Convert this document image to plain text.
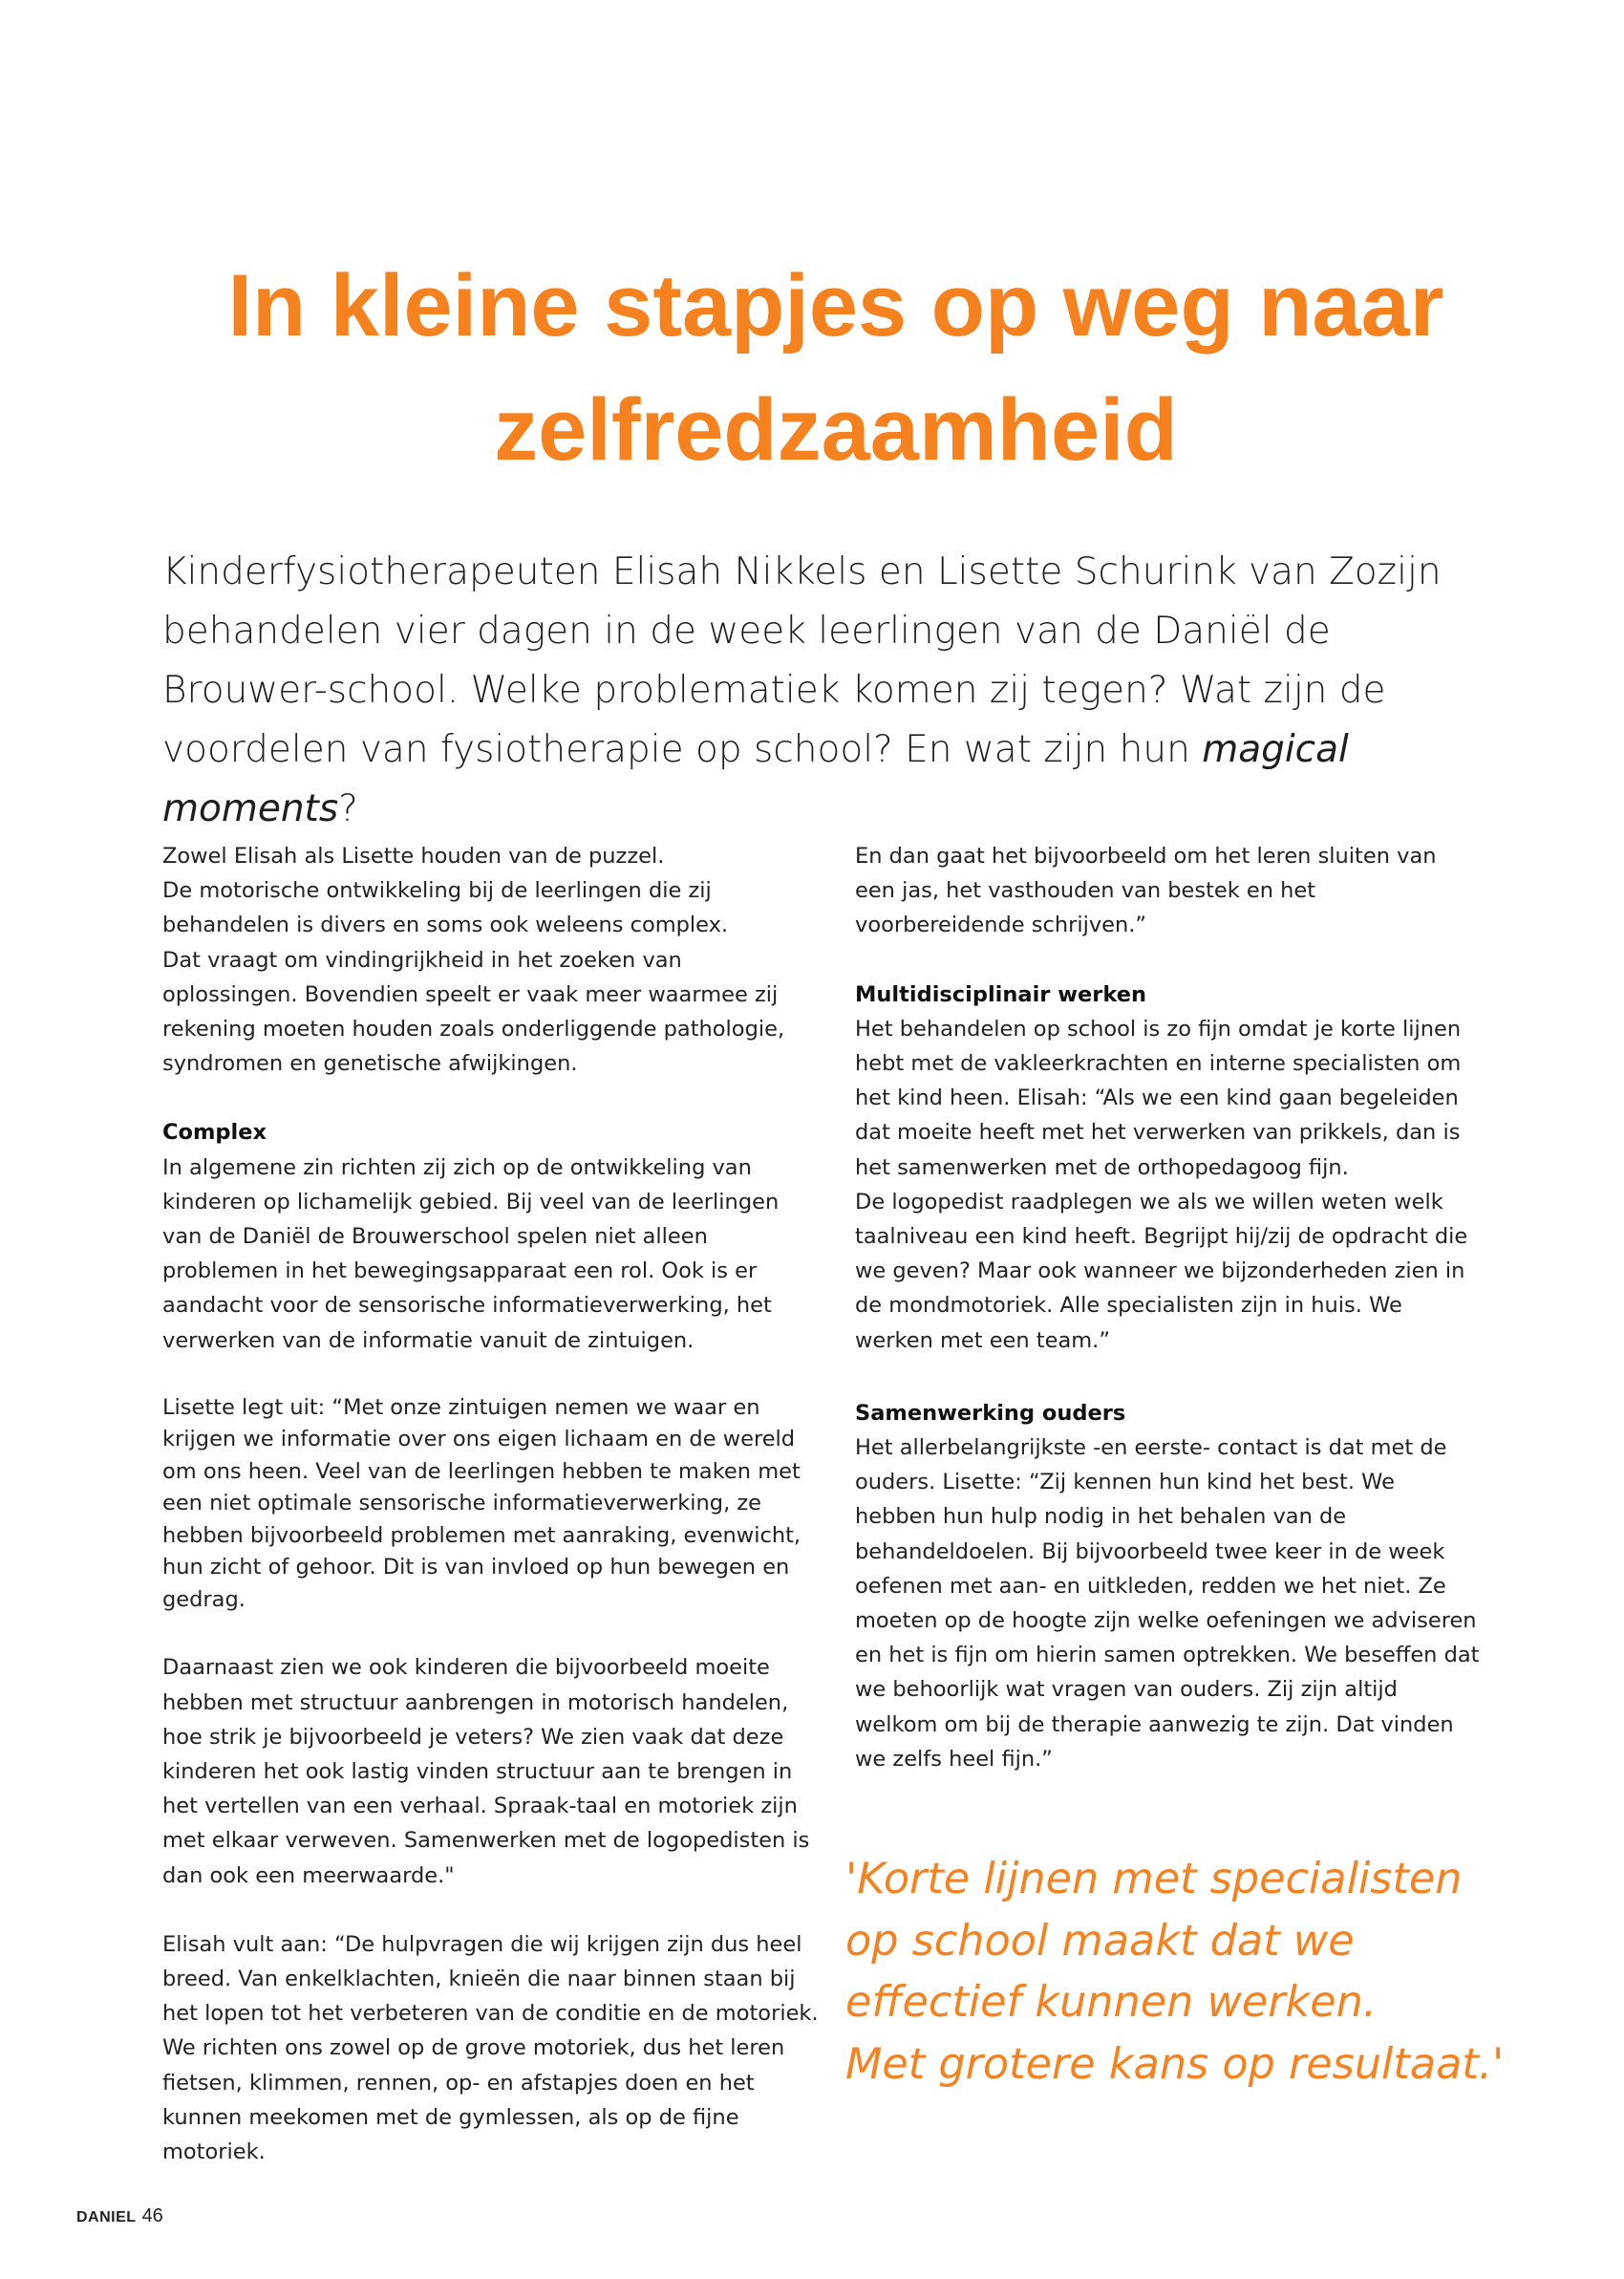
In kleine stapjes op weg naar
zelfredzaamheid

Kinderfysiotherapeuten Elisah Nikkels en Lisette Schurink van Zozijn behandelen vier dagen in de week leerlingen van de Daniël de Brouwer-school. Welke problematiek komen zij tegen? Wat zijn de voordelen van fysiotherapie op school? En wat zijn hun magical moments?

Zowel Elisah als Lisette houden van de puzzel.
De motorische ontwikkeling bij de leerlingen die zij behandelen is divers en soms ook weleens complex.
Dat vraagt om vindingrijkheid in het zoeken van oplossingen. Bovendien speelt er vaak meer waarmee zij rekening moeten houden zoals onderliggende pathologie, syndromen en genetische afwijkingen.

Complex

In algemene zin richten zij zich op de ontwikkeling van kinderen op lichamelijk gebied. Bij veel van de leerlingen van de Daniël de Brouwerschool spelen niet alleen problemen in het bewegingsapparaat een rol. Ook is er aandacht voor de sensorische informatieverwerking, het verwerken van de informatie vanuit de zintuigen.

Lisette legt uit: “Met onze zintuigen nemen we waar en krijgen we informatie over ons eigen lichaam en de wereld om ons heen. Veel van de leerlingen hebben te maken met een niet optimale sensorische informatieverwerking, ze hebben bijvoorbeeld problemen met aanraking, evenwicht, hun zicht of gehoor. Dit is van invloed op hun bewegen en gedrag.

Daarnaast zien we ook kinderen die bijvoorbeeld moeite hebben met structuur aanbrengen in motorisch handelen, hoe strik je bijvoorbeeld je veters? We zien vaak dat deze kinderen het ook lastig vinden structuur aan te brengen in het vertellen van een verhaal. Spraak-taal en motoriek zijn met elkaar verweven. Samenwerken met de logopedisten is dan ook een meerwaarde."

Elisah vult aan: “De hulpvragen die wij krijgen zijn dus heel breed. Van enkelklachten, knieën die naar binnen staan bij het lopen tot het verbeteren van de conditie en de motoriek. We richten ons zowel op de grove motoriek, dus het leren fietsen, klimmen, rennen, op- en afstapjes doen en het kunnen meekomen met de gymlessen, als op de fijne motoriek.

En dan gaat het bijvoorbeeld om het leren sluiten van een jas, het vasthouden van bestek en het voorbereidende schrijven.”

Multidisciplinair werken

Het behandelen op school is zo fijn omdat je korte lijnen hebt met de vakleerkrachten en interne specialisten om het kind heen. Elisah: “Als we een kind gaan begeleiden dat moeite heeft met het verwerken van prikkels, dan is het samenwerken met de orthopedagoog fijn.
De logopedist raadplegen we als we willen weten welk taalniveau een kind heeft. Begrijpt hij/zij de opdracht die we geven? Maar ook wanneer we bijzonderheden zien in de mondmotoriek. Alle specialisten zijn in huis. We werken met een team.”

Samenwerking ouders

Het allerbelangrijkste -en eerste- contact is dat met de ouders. Lisette: “Zij kennen hun kind het best. We hebben hun hulp nodig in het behalen van de behandeldoelen. Bij bijvoorbeeld twee keer in de week oefenen met aan- en uitkleden, redden we het niet. Ze moeten op de hoogte zijn welke oefeningen we adviseren en het is fijn om hierin samen optrekken. We beseffen dat we behoorlijk wat vragen van ouders. Zij zijn altijd welkom om bij de therapie aanwezig te zijn. Dat vinden we zelfs heel fijn.”

'Korte lijnen met specialisten
op school maakt dat we
effectief kunnen werken.
Met grotere kans op resultaat.'

DANIEL 46
